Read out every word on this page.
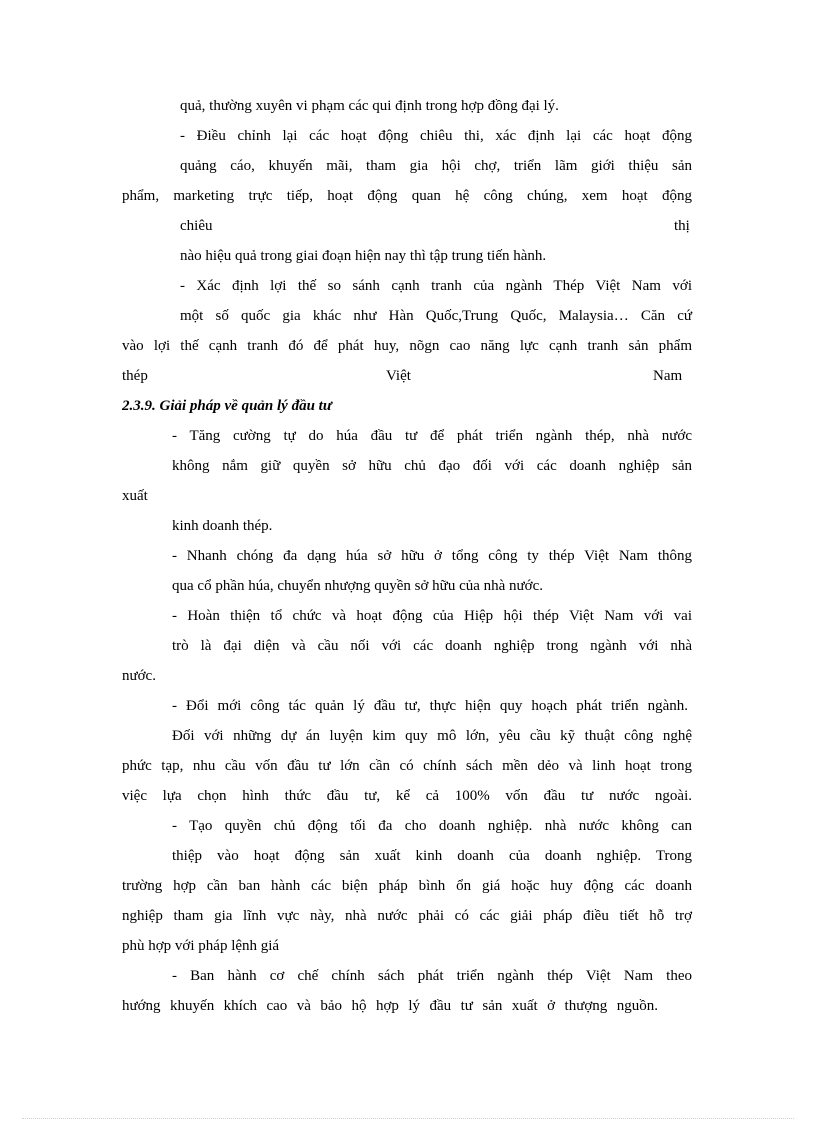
quả, thường xuyên vi phạm các qui định trong hợp đồng đại lý.
- Điều chỉnh lại các hoạt động chiêu thi, xác định lại các hoạt động
quảng cáo, khuyến mãi, tham gia hội chợ, triển lãm giới thiệu sản
phẩm, marketing trực tiếp, hoạt động quan hệ công chúng, xem hoạt động
chiêu	thị
nào hiệu quả trong giai đoạn hiện nay thì tập trung tiến hành.
- Xác định lợi thế so sánh cạnh tranh của ngành Thép Việt Nam với
một số quốc gia khác như Hàn Quốc,Trung Quốc, Malaysia… Căn cứ
vào lợi thế cạnh tranh đó để phát huy, nõgn cao năng lực cạnh tranh sản phẩm
thép	Việt	Nam
2.3.9. Giải pháp về quản lý đầu tư
- Tăng cường tự do húa đầu tư để phát triển ngành thép, nhà nước
không nắm giữ quyền sở hữu chủ đạo đối với các doanh nghiệp sản
xuất
kinh doanh thép.
- Nhanh chóng đa dạng húa sở hữu ở tổng công ty thép Việt Nam thông
qua cổ phần húa, chuyển nhượng quyền sở hữu của nhà nước.
- Hoàn thiện tổ chức và hoạt động của Hiệp hội thép Việt Nam với vai
trò là đại diện và cầu nối với các doanh nghiệp trong ngành với nhà
nước.
- Đổi mới công tác quản lý đầu tư, thực hiện quy hoạch phát triển ngành.
Đối với những dự án luyện kim quy mô lớn, yêu cầu kỹ thuật công nghệ
phức tạp, nhu cầu vốn đầu tư lớn cần có chính sách mền dẻo và linh hoạt trong
việc lựa chọn hình thức đầu tư, kể cả 100% vốn đầu tư nước ngoài.
- Tạo quyền chủ động tối đa cho doanh nghiệp. nhà nước không can
thiệp vào hoạt động sản xuất kinh doanh của doanh nghiệp. Trong
trường hợp cần ban hành các biện pháp bình ổn giá hoặc huy động các doanh
nghiệp tham gia lĩnh vực này, nhà nước phải có các giải pháp điều tiết hỗ trợ
phù hợp với pháp lệnh giá
- Ban hành cơ chế chính sách phát triển ngành thép Việt Nam theo
hướng khuyến khích cao và bảo hộ hợp lý đầu tư sản xuất ở thượng nguồn.
